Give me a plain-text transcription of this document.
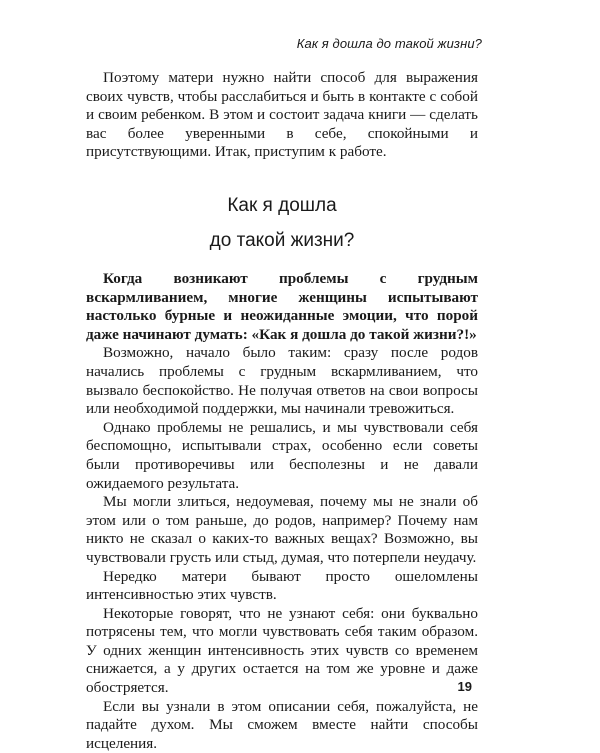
Как я дошла до такой жизни?

Поэтому матери нужно найти способ для выражения своих чувств, чтобы расслабиться и быть в контакте с собой и своим ребенком. В этом и состоит задача книги — сделать вас более уверенными в себе, спокойными и присутствующими. Итак, приступим к работе.

Как я дошла
до такой жизни?

Когда возникают проблемы с грудным вскармливанием, многие женщины испытывают настолько бурные и неожиданные эмоции, что порой даже начинают думать: «Как я дошла до такой жизни?!»

Возможно, начало было таким: сразу после родов начались проблемы с грудным вскармливанием, что вызвало беспокойство. Не получая ответов на свои вопросы или необходимой поддержки, мы начинали тревожиться.

Однако проблемы не решались, и мы чувствовали себя беспомощно, испытывали страх, особенно если советы были противоречивы или бесполезны и не давали ожидаемого результата.

Мы могли злиться, недоумевая, почему мы не знали об этом или о том раньше, до родов, например? Почему нам никто не сказал о каких-то важных вещах? Возможно, вы чувствовали грусть или стыд, думая, что потерпели неудачу.

Нередко матери бывают просто ошеломлены интенсивностью этих чувств.

Некоторые говорят, что не узнают себя: они буквально потрясены тем, что могли чувствовать себя таким образом. У одних женщин интенсивность этих чувств со временем снижается, а у других остается на том же уровне и даже обостряется.

Если вы узнали в этом описании себя, пожалуйста, не падайте духом. Мы сможем вместе найти способы исцеления.

19
